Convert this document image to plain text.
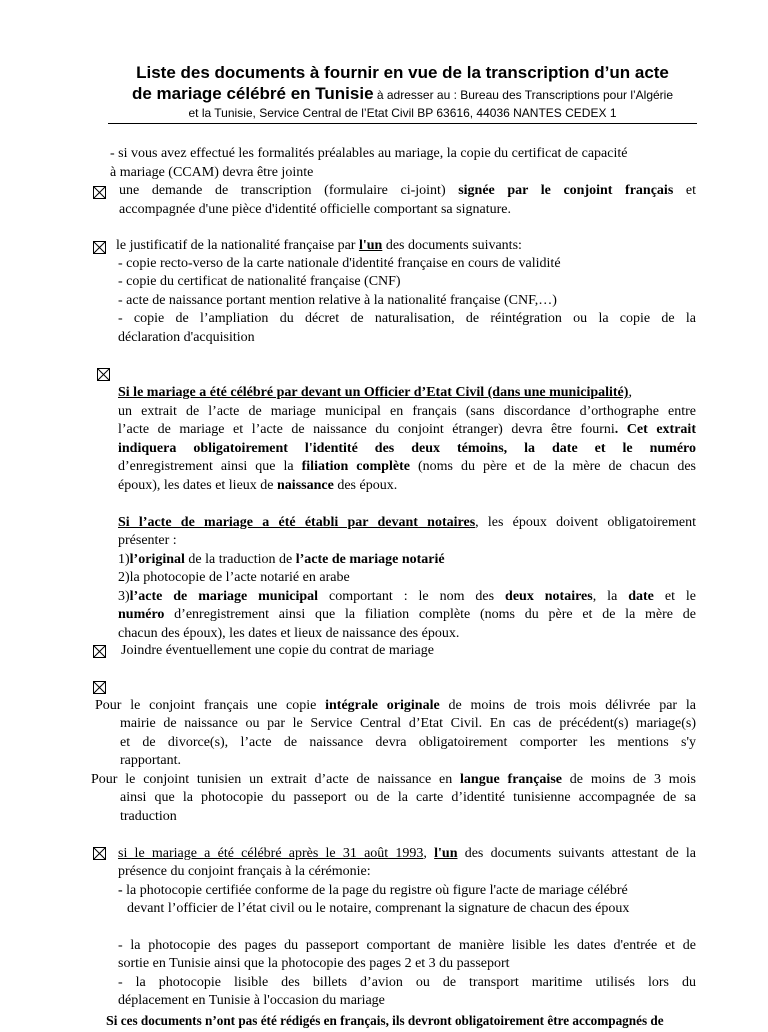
Liste des documents à fournir en vue de la transcription d’un acte
de mariage célébré en Tunisie à adresser au : Bureau des Transcriptions pour l’Algérie
et la Tunisie, Service Central de l’Etat Civil BP 63616, 44036 NANTES CEDEX 1
- si vous avez effectué les formalités préalables au mariage, la copie du certificat de capacité
à mariage (CCAM) devra être jointe
une demande de transcription (formulaire ci-joint) signée par le conjoint français et
accompagnée d'une pièce d'identité officielle comportant sa signature.
le justificatif de la nationalité française par l'un des documents suivants:
- copie recto-verso de la carte nationale d'identité française en cours de validité
- copie du certificat de nationalité française (CNF)
- acte de naissance portant mention relative à la nationalité française (CNF,…)
- copie de l’ampliation du décret de naturalisation, de réintégration ou la copie de la
déclaration d'acquisition
Si le mariage a été célébré par devant un Officier d’Etat Civil (dans une municipalité),
un extrait de l’acte de mariage municipal en français (sans discordance d’orthographe entre
l’acte de mariage et l’acte de naissance du conjoint étranger) devra être fourni. Cet extrait
indiquera obligatoirement l'identité des deux témoins, la date et le numéro
d’enregistrement ainsi que la filiation complète (noms du père et de la mère de chacun des
époux), les dates et lieux de naissance des époux.
Si l’acte de mariage a été établi par devant notaires, les époux doivent obligatoirement
présenter :
1)l’original de la traduction de l’acte de mariage notarié
2)la photocopie de l’acte notarié en arabe
3)l’acte de mariage municipal comportant : le nom des deux notaires, la date et le
numéro d’enregistrement ainsi que la filiation complète (noms du père et de la mère de
chacun des époux), les dates et lieux de naissance des époux.
Joindre éventuellement une copie du contrat de mariage
Pour le conjoint français une copie intégrale originale de moins de trois mois délivrée par la
mairie de naissance ou par le Service Central d’Etat Civil. En cas de précédent(s) mariage(s)
et de divorce(s), l’acte de naissance devra obligatoirement comporter les mentions s'y
rapportant.
Pour le conjoint tunisien un extrait d’acte de naissance en langue française de moins de 3 mois
ainsi que la photocopie du passeport ou de la carte d’identité tunisienne accompagnée de sa
traduction
si le mariage a été célébré après le 31 août 1993, l'un des documents suivants attestant de la
présence du conjoint français à la cérémonie:
- la photocopie certifiée conforme de la page du registre où figure l'acte de mariage célébré
devant l’officier de l’état civil ou le notaire, comprenant la signature de chacun des époux
- la photocopie des pages du passeport comportant de manière lisible les dates d'entrée et de
sortie en Tunisie ainsi que la photocopie des pages 2 et 3 du passeport
- la photocopie lisible des billets d’avion ou de transport maritime utilisés lors du
déplacement en Tunisie à l'occasion du mariage
Si ces documents n’ont pas été rédigés en français, ils devront obligatoirement être accompagnés de
